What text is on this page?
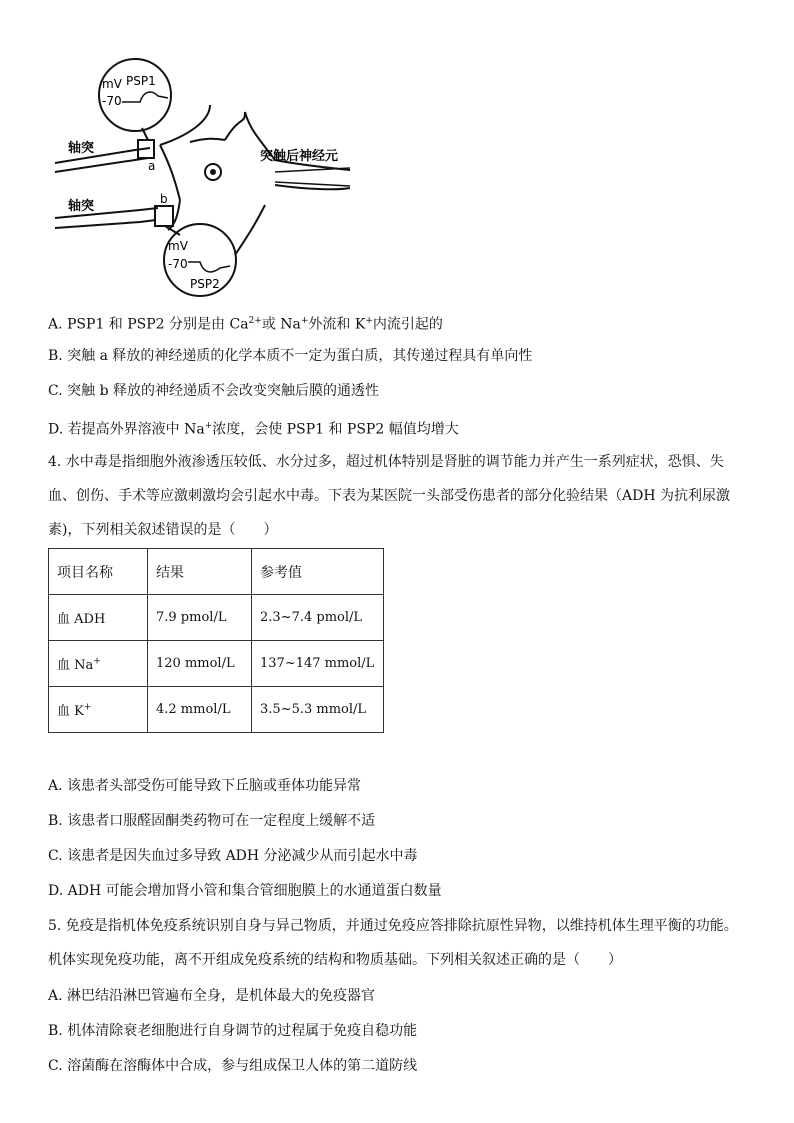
mV PSP1
-70
a
轴突
突触后神经元
b
轴突
mV
-70
PSP2
A. PSP1 和 PSP2 分别是由 $Ca^{2+}$或 Na+外流和 K+内流引起的
B. 突触 a 释放的神经递质的化学本质不一定为蛋白质，其传递过程具有单向性
C. 突触 b 释放的神经递质不会改变突触后膜的通透性
D. 若提高外界溶液中 Na+浓度，会使 PSP1 和 PSP2 幅值均增大
4. 水中毒是指细胞外液渗透压较低、水分过多，超过机体特别是肾脏的调节能力并产生一系列症状，恐惧、失
血、创伤、手术等应激刺激均会引起水中毒。下表为某医院一头部受伤患者的部分化验结果（ADH 为抗利尿激
素)，下列相关叙述错误的是（　　）
项目名称	结果	参考值
血 ADH	7.9 pmol/L	2.3~7.4 pmol/L
血 Na+	120 mmol/L	137~147 mmol/L
血 K+	4.2 mmol/L	3.5~5.3 mmol/L
A. 该患者头部受伤可能导致下丘脑或垂体功能异常
B. 该患者口服醛固酮类药物可在一定程度上缓解不适
C. 该患者是因失血过多导致 ADH 分泌减少从而引起水中毒
D. ADH 可能会增加肾小管和集合管细胞膜上的水通道蛋白数量
5. 免疫是指机体免疫系统识别自身与异己物质，并通过免疫应答排除抗原性异物，以维持机体生理平衡的功能。
机体实现免疫功能，离不开组成免疫系统的结构和物质基础。下列相关叙述正确的是（　　）
A. 淋巴结沿淋巴管遍布全身，是机体最大的免疫器官
B. 机体清除衰老细胞进行自身调节的过程属于免疫自稳功能
C. 溶菌酶在溶酶体中合成，参与组成保卫人体的第二道防线
